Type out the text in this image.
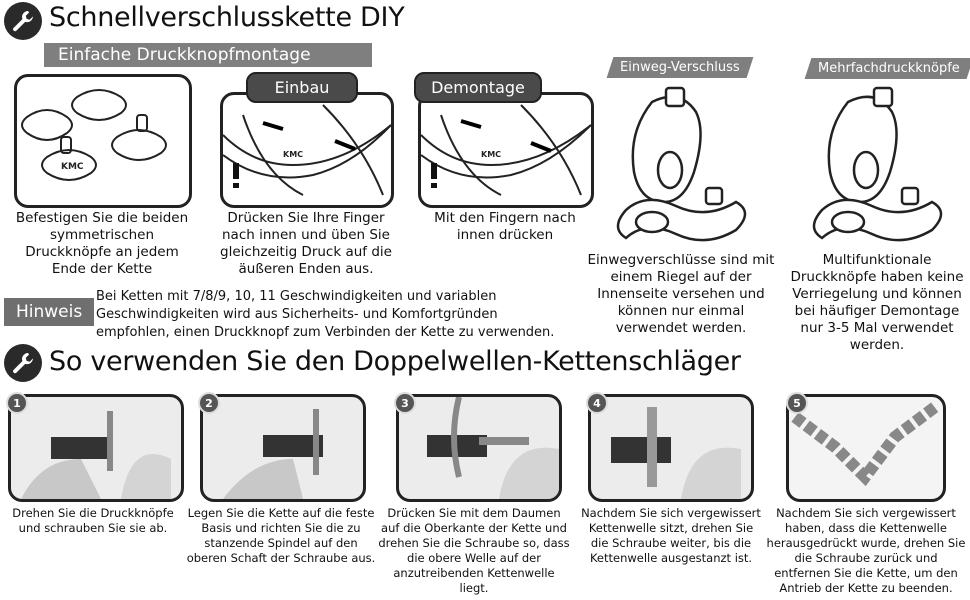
Schnellverschlusskette DIY
Einfache Druckknopfmontage
KMC
Befestigen Sie die beiden symmetrischen Druckknöpfe an jedem Ende der Kette
KMC
Einbau
Drücken Sie Ihre Finger nach innen und üben Sie gleichzeitig Druck auf die äußeren Enden aus.
KMC
Demontage
Mit den Fingern nach innen drücken
Einweg-Verschluss
Einwegverschlüsse sind mit einem Riegel auf der Innenseite versehen und können nur einmal verwendet werden.
Mehrfachdruckknöpfe
Multifunktionale Druckknöpfe haben keine Verriegelung und können bei häufiger Demontage nur 3-5 Mal verwendet werden.
Hinweis
Bei Ketten mit 7/8/9, 10, 11 Geschwindigkeiten und variablen Geschwindigkeiten wird aus Sicherheits- und Komfortgründen empfohlen, einen Druckknopf zum Verbinden der Kette zu verwenden.
So verwenden Sie den Doppelwellen-Kettenschläger
1
Drehen Sie die Druckknöpfe und schrauben Sie sie ab.
2
Legen Sie die Kette auf die feste Basis und richten Sie die zu stanzende Spindel auf den oberen Schaft der Schraube aus.
3
Drücken Sie mit dem Daumen auf die Oberkante der Kette und drehen Sie die Schraube so, dass die obere Welle auf der anzutreibenden Kettenwelle liegt.
4
Nachdem Sie sich vergewissert Kettenwelle sitzt, drehen Sie die Schraube weiter, bis die Kettenwelle ausgestanzt ist.
5
Nachdem Sie sich vergewissert haben, dass die Kettenwelle herausgedrückt wurde, drehen Sie die Schraube zurück und entfernen Sie die Kette, um den Antrieb der Kette zu beenden.
